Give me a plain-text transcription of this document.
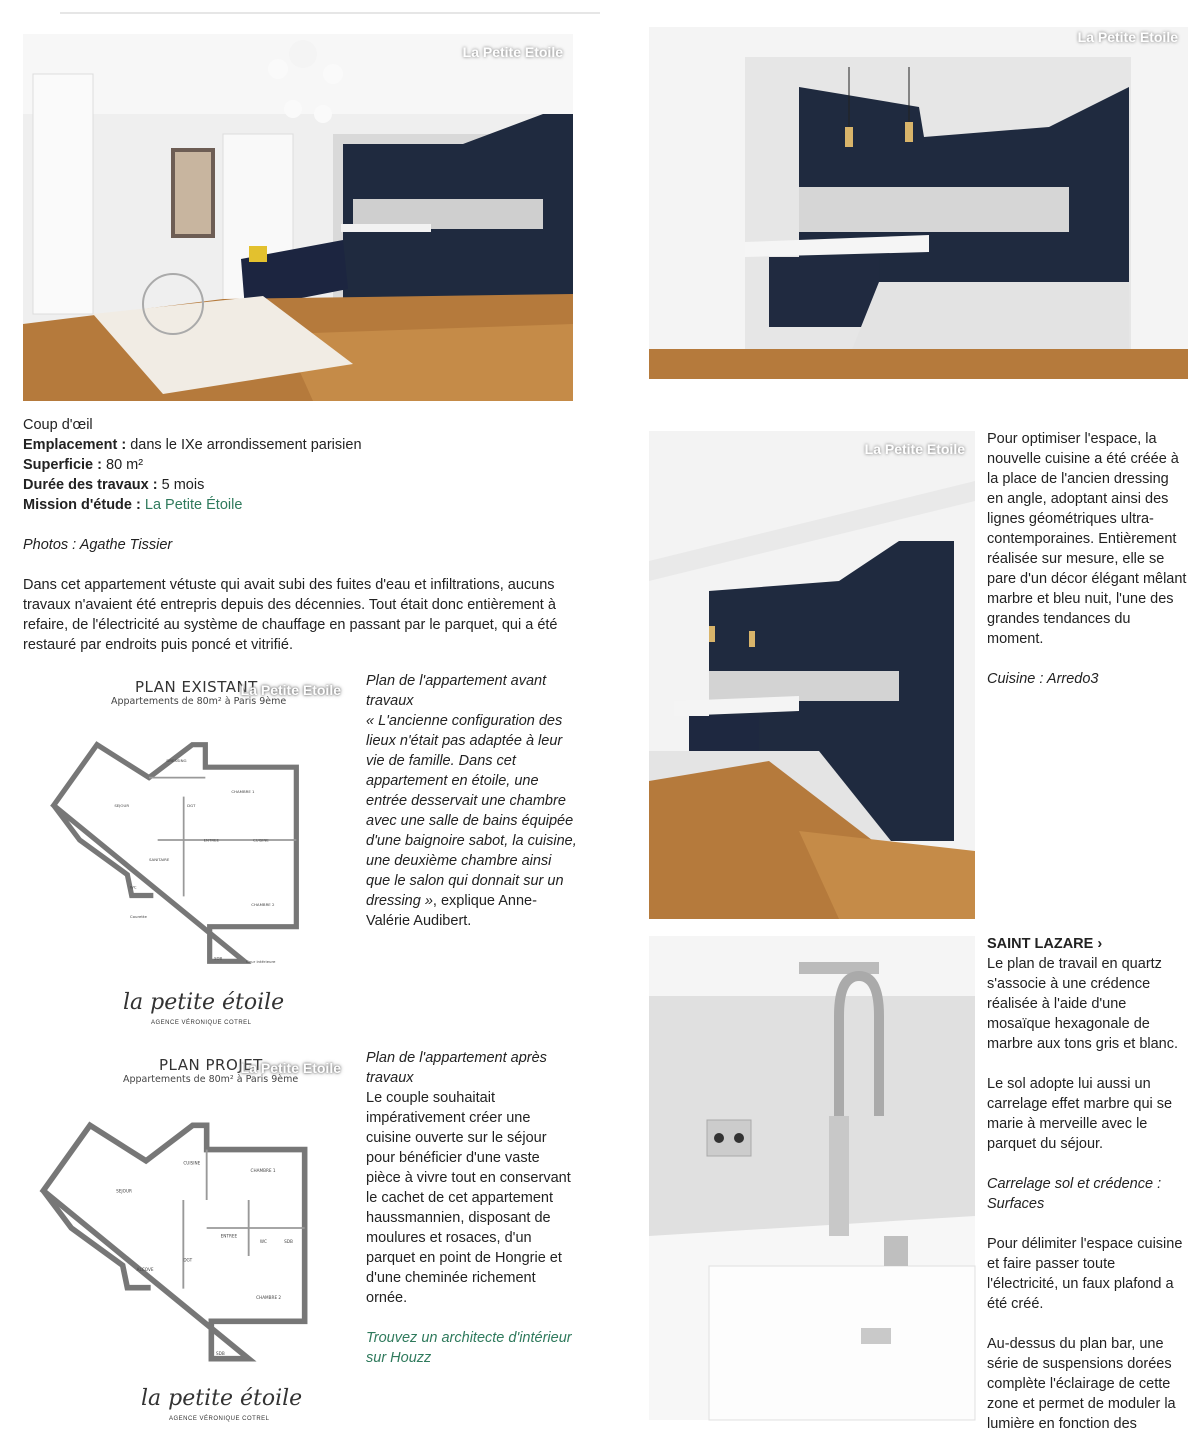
La Petite Etoile
La Petite Etoile

Coup d'œil

Emplacement : dans le IXe arrondissement parisien

Superficie : 80 m²

Durée des travaux : 5 mois

Mission d'étude : La Petite Étoile

Photos : Agathe Tissier

Dans cet appartement vétuste qui avait subi des fuites d'eau et infiltrations, aucuns travaux n'avaient été entrepris depuis des décennies. Tout était donc entièrement à refaire, de l'électricité au système de chauffage en passant par le parquet, qui a été restauré par endroits puis poncé et vitrifié.

PLAN EXISTANT
Appartements de 80m² à Paris 9ème
La Petite Etoile
DRESSING
CHAMBRE 1
SEJOUR	DGT
ENTREE	CUISINE
SANITAIRE
WC
CHAMBRE 2
SDB
Courette
Cour intérieure
la petite étoile
AGENCE VÉRONIQUE COTREL

Plan de l'appartement avant travaux

« L'ancienne configuration des lieux n'était pas adaptée à leur vie de famille. Dans cet appartement en étoile, une entrée desservait une chambre avec une salle de bains équipée d'une baignoire sabot, la cuisine, une deuxième chambre ainsi que le salon qui donnait sur un dressing », explique Anne-Valérie Audibert.

PLAN PROJET
Appartements de 80m² à Paris 9ème
La Petite Etoile
SEJOUR
CUISINE
CHAMBRE 1
ENTREE
WC	SDB
ALCOVE
DGT
CHAMBRE 2
SDB
la petite étoile
AGENCE VÉRONIQUE COTREL

Plan de l'appartement après travaux

Le couple souhaitait impérativement créer une cuisine ouverte sur le séjour pour bénéficier d'une vaste pièce à vivre tout en conservant le cachet de cet appartement haussmannien, disposant de moulures et rosaces, d'un parquet en point de Hongrie et d'une cheminée richement ornée.

Trouvez un architecte d'intérieur sur Houzz

La Petite Etoile

Pour optimiser l'espace, la nouvelle cuisine a été créée à la place de l'ancien dressing en angle, adoptant ainsi des lignes géométriques ultra-contemporaines. Entièrement réalisée sur mesure, elle se pare d'un décor élégant mêlant marbre et bleu nuit, l'une des grandes tendances du moment.

Cuisine : Arredo3

SAINT LAZARE ›

Le plan de travail en quartz s'associe à une crédence réalisée à l'aide d'une mosaïque hexagonale de marbre aux tons gris et blanc.

Le sol adopte lui aussi un carrelage effet marbre qui se marie à merveille avec le parquet du séjour.

Carrelage sol et crédence : Surfaces

Pour délimiter l'espace cuisine et faire passer toute l'électricité, un faux plafond a été créé.

Au-dessus du plan bar, une série de suspensions dorées complète l'éclairage de cette zone et permet de moduler la lumière en fonction des
